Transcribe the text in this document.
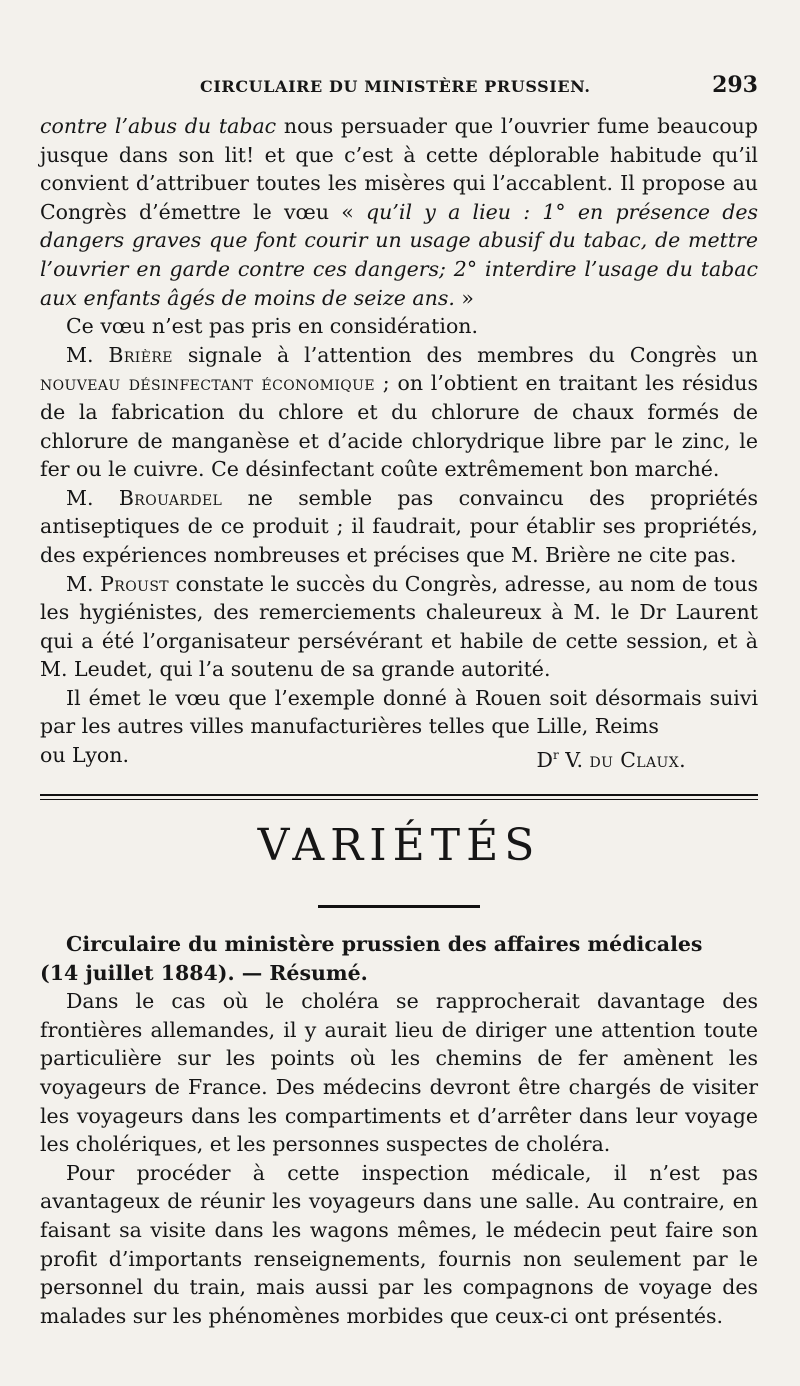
CIRCULAIRE DU MINISTÈRE PRUSSIEN.	293

contre l’abus du tabac nous persuader que l’ouvrier fume beaucoup jusque dans son lit! et que c’est à cette déplorable habitude qu’il convient d’attribuer toutes les misères qui l’accablent. Il propose au Congrès d’émettre le vœu « qu’il y a lieu : 1° en présence des dangers graves que font courir un usage abusif du tabac, de mettre l’ouvrier en garde contre ces dangers; 2° interdire l’usage du tabac aux enfants âgés de moins de seize ans. »

Ce vœu n’est pas pris en considération.

M. Brière signale à l’attention des membres du Congrès un nouveau désinfectant économique ; on l’obtient en traitant les résidus de la fabrication du chlore et du chlorure de chaux formés de chlorure de manganèse et d’acide chlorydrique libre par le zinc, le fer ou le cuivre. Ce désinfectant coûte extrêmement bon marché.

M. Brouardel ne semble pas convaincu des propriétés antiseptiques de ce produit ; il faudrait, pour établir ses propriétés, des expériences nombreuses et précises que M. Brière ne cite pas.

M. Proust constate le succès du Congrès, adresse, au nom de tous les hygiénistes, des remerciements chaleureux à M. le Dr Laurent qui a été l’organisateur persévérant et habile de cette session, et à M. Leudet, qui l’a soutenu de sa grande autorité.

Il émet le vœu que l’exemple donné à Rouen soit désormais suivi par les autres villes manufacturières telles que Lille, Reims

ou Lyon.	$D^r$ V. du Claux.
VARIÉTÉS

Circulaire du ministère prussien des affaires médicales
(14 juillet 1884). — Résumé.

Dans le cas où le choléra se rapprocherait davantage des frontières allemandes, il y aurait lieu de diriger une attention toute particulière sur les points où les chemins de fer amènent les voyageurs de France. Des médecins devront être chargés de visiter les voyageurs dans les compartiments et d’arrêter dans leur voyage les cholériques, et les personnes suspectes de choléra.

Pour procéder à cette inspection médicale, il n’est pas avantageux de réunir les voyageurs dans une salle. Au contraire, en faisant sa visite dans les wagons mêmes, le médecin peut faire son profit d’importants renseignements, fournis non seulement par le personnel du train, mais aussi par les compagnons de voyage des malades sur les phénomènes morbides que ceux-ci ont présentés.
